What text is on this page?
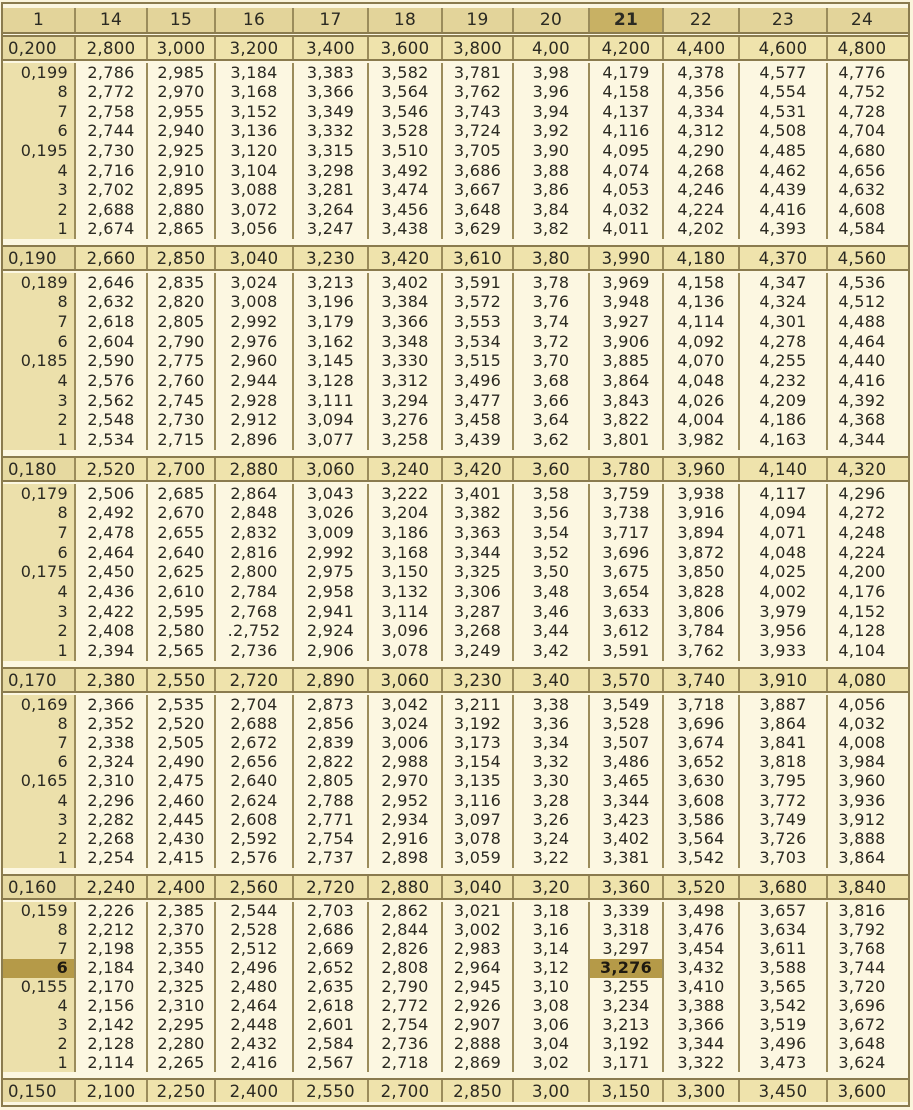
1	14	15	16	17	18	19	20	21	22	23	24
0,200	2,800	3,000	3,200	3,400	3,600	3,800	4,00	4,200	4,400	4,600	4,800
0,199	2,786	2,985	3,184	3,383	3,582	3,781	3,98	4,179	4,378	4,577	4,776
8	2,772	2,970	3,168	3,366	3,564	3,762	3,96	4,158	4,356	4,554	4,752
7	2,758	2,955	3,152	3,349	3,546	3,743	3,94	4,137	4,334	4,531	4,728
6	2,744	2,940	3,136	3,332	3,528	3,724	3,92	4,116	4,312	4,508	4,704
0,195	2,730	2,925	3,120	3,315	3,510	3,705	3,90	4,095	4,290	4,485	4,680
4	2,716	2,910	3,104	3,298	3,492	3,686	3,88	4,074	4,268	4,462	4,656
3	2,702	2,895	3,088	3,281	3,474	3,667	3,86	4,053	4,246	4,439	4,632
2	2,688	2,880	3,072	3,264	3,456	3,648	3,84	4,032	4,224	4,416	4,608
1	2,674	2,865	3,056	3,247	3,438	3,629	3,82	4,011	4,202	4,393	4,584
0,190	2,660	2,850	3,040	3,230	3,420	3,610	3,80	3,990	4,180	4,370	4,560
0,189	2,646	2,835	3,024	3,213	3,402	3,591	3,78	3,969	4,158	4,347	4,536
8	2,632	2,820	3,008	3,196	3,384	3,572	3,76	3,948	4,136	4,324	4,512
7	2,618	2,805	2,992	3,179	3,366	3,553	3,74	3,927	4,114	4,301	4,488
6	2,604	2,790	2,976	3,162	3,348	3,534	3,72	3,906	4,092	4,278	4,464
0,185	2,590	2,775	2,960	3,145	3,330	3,515	3,70	3,885	4,070	4,255	4,440
4	2,576	2,760	2,944	3,128	3,312	3,496	3,68	3,864	4,048	4,232	4,416
3	2,562	2,745	2,928	3,111	3,294	3,477	3,66	3,843	4,026	4,209	4,392
2	2,548	2,730	2,912	3,094	3,276	3,458	3,64	3,822	4,004	4,186	4,368
1	2,534	2,715	2,896	3,077	3,258	3,439	3,62	3,801	3,982	4,163	4,344
0,180	2,520	2,700	2,880	3,060	3,240	3,420	3,60	3,780	3,960	4,140	4,320
0,179	2,506	2,685	2,864	3,043	3,222	3,401	3,58	3,759	3,938	4,117	4,296
8	2,492	2,670	2,848	3,026	3,204	3,382	3,56	3,738	3,916	4,094	4,272
7	2,478	2,655	2,832	3,009	3,186	3,363	3,54	3,717	3,894	4,071	4,248
6	2,464	2,640	2,816	2,992	3,168	3,344	3,52	3,696	3,872	4,048	4,224
0,175	2,450	2,625	2,800	2,975	3,150	3,325	3,50	3,675	3,850	4,025	4,200
4	2,436	2,610	2,784	2,958	3,132	3,306	3,48	3,654	3,828	4,002	4,176
3	2,422	2,595	2,768	2,941	3,114	3,287	3,46	3,633	3,806	3,979	4,152
2	2,408	2,580	.2,752	2,924	3,096	3,268	3,44	3,612	3,784	3,956	4,128
1	2,394	2,565	2,736	2,906	3,078	3,249	3,42	3,591	3,762	3,933	4,104
0,170	2,380	2,550	2,720	2,890	3,060	3,230	3,40	3,570	3,740	3,910	4,080
0,169	2,366	2,535	2,704	2,873	3,042	3,211	3,38	3,549	3,718	3,887	4,056
8	2,352	2,520	2,688	2,856	3,024	3,192	3,36	3,528	3,696	3,864	4,032
7	2,338	2,505	2,672	2,839	3,006	3,173	3,34	3,507	3,674	3,841	4,008
6	2,324	2,490	2,656	2,822	2,988	3,154	3,32	3,486	3,652	3,818	3,984
0,165	2,310	2,475	2,640	2,805	2,970	3,135	3,30	3,465	3,630	3,795	3,960
4	2,296	2,460	2,624	2,788	2,952	3,116	3,28	3,344	3,608	3,772	3,936
3	2,282	2,445	2,608	2,771	2,934	3,097	3,26	3,423	3,586	3,749	3,912
2	2,268	2,430	2,592	2,754	2,916	3,078	3,24	3,402	3,564	3,726	3,888
1	2,254	2,415	2,576	2,737	2,898	3,059	3,22	3,381	3,542	3,703	3,864
0,160	2,240	2,400	2,560	2,720	2,880	3,040	3,20	3,360	3,520	3,680	3,840
0,159	2,226	2,385	2,544	2,703	2,862	3,021	3,18	3,339	3,498	3,657	3,816
8	2,212	2,370	2,528	2,686	2,844	3,002	3,16	3,318	3,476	3,634	3,792
7	2,198	2,355	2,512	2,669	2,826	2,983	3,14	3,297	3,454	3,611	3,768
6	2,184	2,340	2,496	2,652	2,808	2,964	3,12	3,276	3,432	3,588	3,744
0,155	2,170	2,325	2,480	2,635	2,790	2,945	3,10	3,255	3,410	3,565	3,720
4	2,156	2,310	2,464	2,618	2,772	2,926	3,08	3,234	3,388	3,542	3,696
3	2,142	2,295	2,448	2,601	2,754	2,907	3,06	3,213	3,366	3,519	3,672
2	2,128	2,280	2,432	2,584	2,736	2,888	3,04	3,192	3,344	3,496	3,648
1	2,114	2,265	2,416	2,567	2,718	2,869	3,02	3,171	3,322	3,473	3,624
0,150	2,100	2,250	2,400	2,550	2,700	2,850	3,00	3,150	3,300	3,450	3,600
